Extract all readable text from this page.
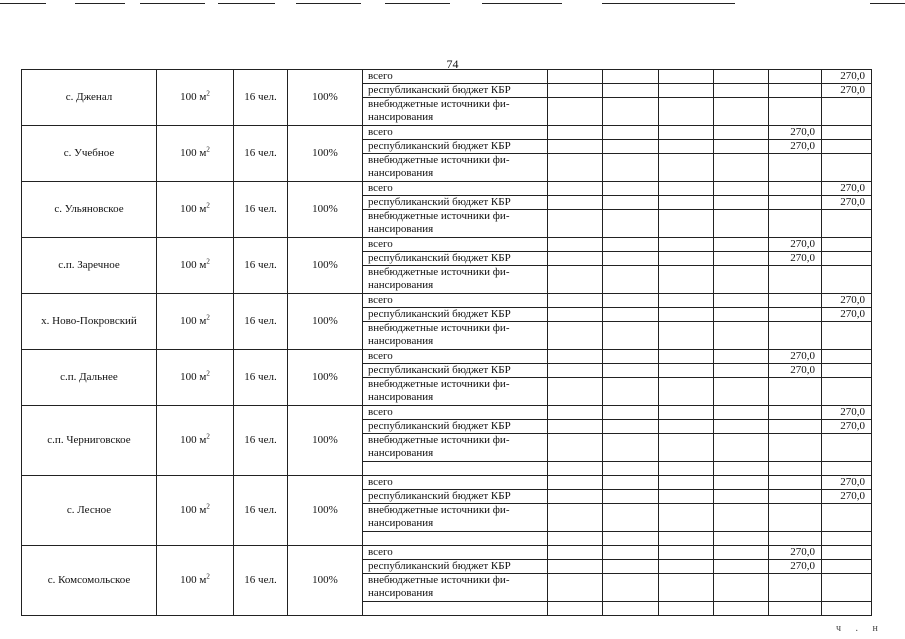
74
с. Дженал	100 $м^2$	16 чел.	100%	всего						270,0
				республиканский бюджет КБР						270,0
				внебюджетные источники фи-нансирования						
с. Учебное	100 $м^2$	16 чел.	100%	всего					270,0	
				республиканский бюджет КБР					270,0	
				внебюджетные источники фи-нансирования						
с. Ульяновское	100 $м^2$	16 чел.	100%	всего						270,0
				республиканский бюджет КБР						270,0
				внебюджетные источники фи-нансирования						
с.п. Заречное	100 $м^2$	16 чел.	100%	всего					270,0	
				республиканский бюджет КБР					270,0	
				внебюджетные источники фи-нансирования						
х. Ново-Покровский	100 $м^2$	16 чел.	100%	всего						270,0
				республиканский бюджет КБР						270,0
				внебюджетные источники фи-нансирования						
с.п. Дальнее	100 $м^2$	16 чел.	100%	всего					270,0	
				республиканский бюджет КБР					270,0	
				внебюджетные источники фи-нансирования						
с.п. Черниговское	100 $м^2$	16 чел.	100%	всего						270,0
				республиканский бюджет КБР						270,0
				внебюджетные источники фи-нансирования						

с. Лесное	100 $м^2$	16 чел.	100%	всего						270,0
				республиканский бюджет КБР						270,0
				внебюджетные источники фи-нансирования						

с. Комсомольское	100 $м^2$	16 чел.	100%	всего					270,0	
				республиканский бюджет КБР					270,0	
				внебюджетные источники фи-нансирования						

ч . н
